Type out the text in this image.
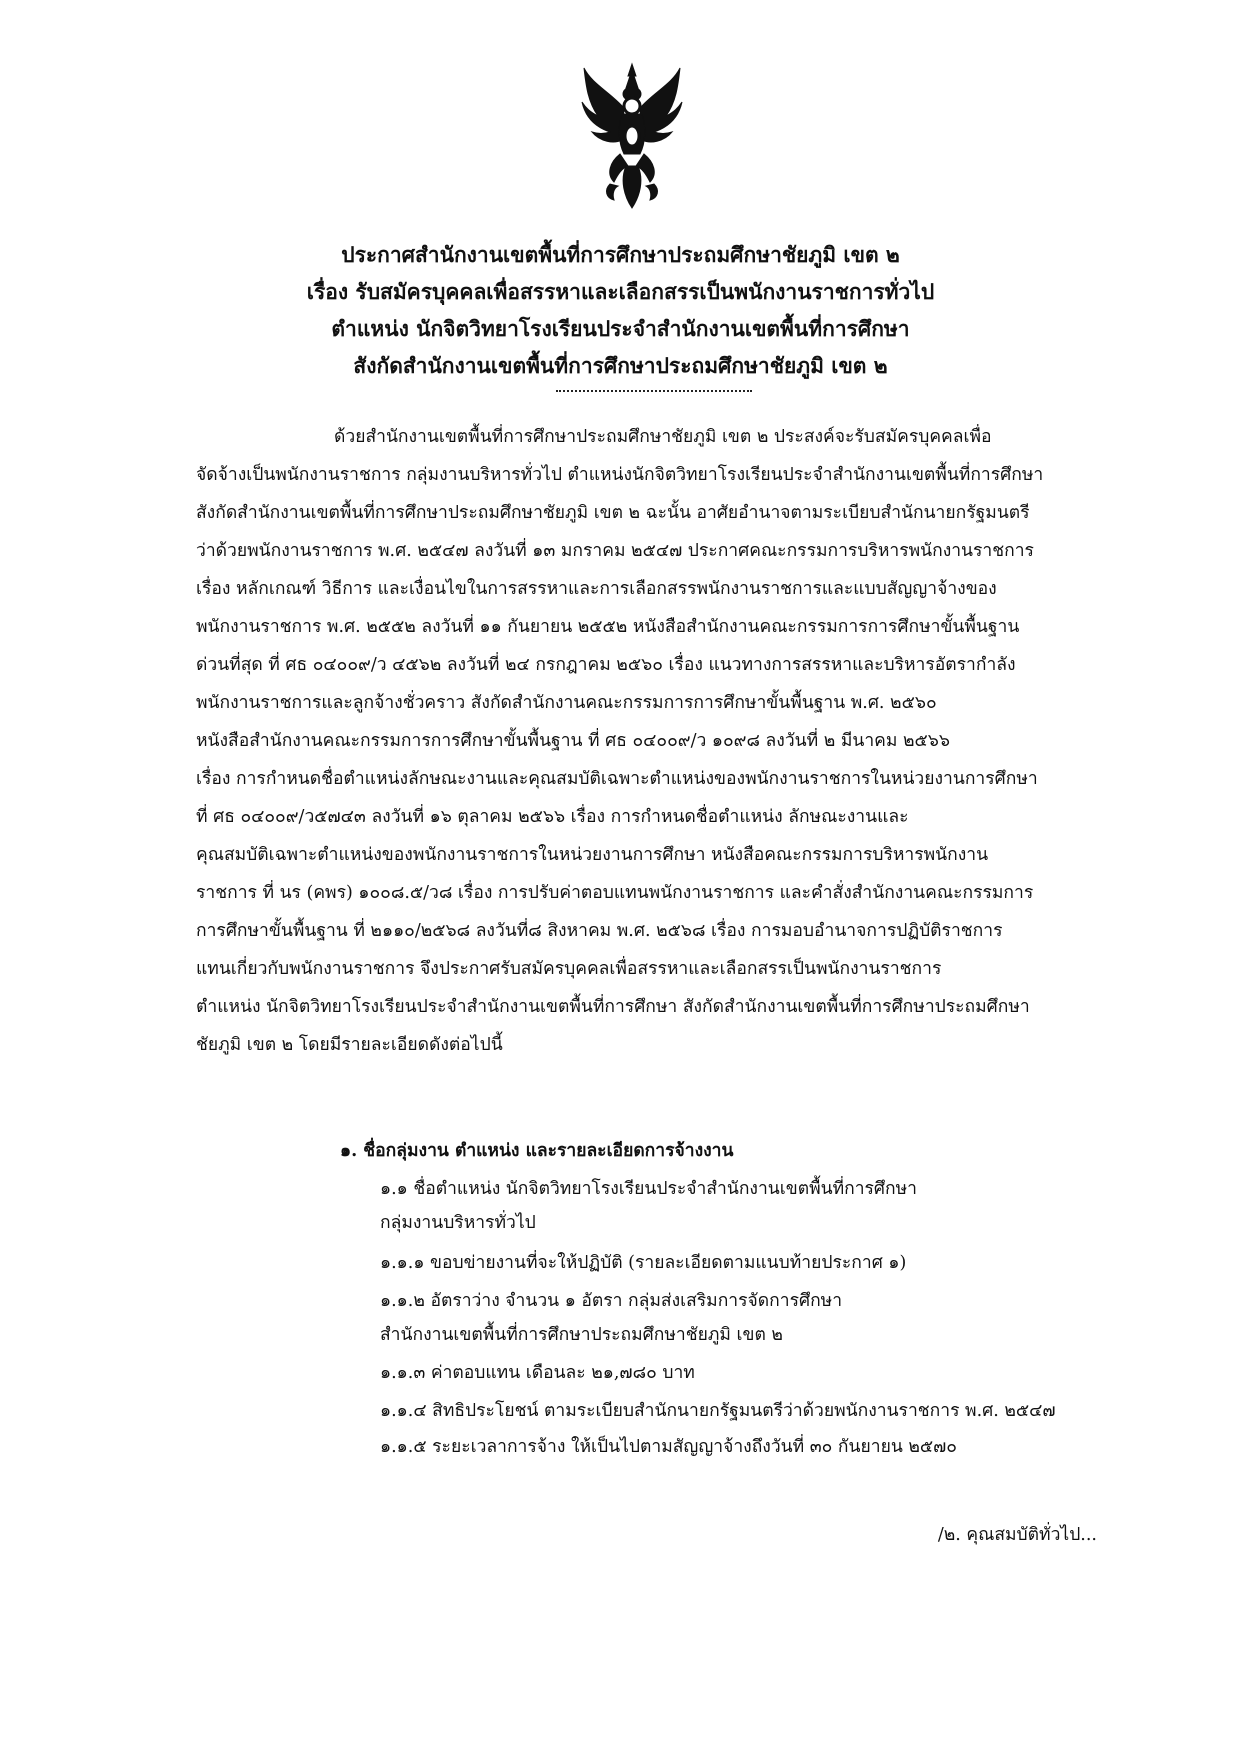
ประกาศสำนักงานเขตพื้นที่การศึกษาประถมศึกษาชัยภูมิ เขต ๒
เรื่อง รับสมัครบุคคลเพื่อสรรหาและเลือกสรรเป็นพนักงานราชการทั่วไป
ตำแหน่ง นักจิตวิทยาโรงเรียนประจำสำนักงานเขตพื้นที่การศึกษา
สังกัดสำนักงานเขตพื้นที่การศึกษาประถมศึกษาชัยภูมิ เขต ๒
ด้วยสำนักงานเขตพื้นที่การศึกษาประถมศึกษาชัยภูมิ เขต ๒ ประสงค์จะรับสมัครบุคคลเพื่อ
จัดจ้างเป็นพนักงานราชการ กลุ่มงานบริหารทั่วไป ตำแหน่งนักจิตวิทยาโรงเรียนประจำสำนักงานเขตพื้นที่การศึกษา
สังกัดสำนักงานเขตพื้นที่การศึกษาประถมศึกษาชัยภูมิ เขต ๒ ฉะนั้น อาศัยอำนาจตามระเบียบสำนักนายกรัฐมนตรี
ว่าด้วยพนักงานราชการ พ.ศ. ๒๕๔๗ ลงวันที่ ๑๓ มกราคม ๒๕๔๗ ประกาศคณะกรรมการบริหารพนักงานราชการ
เรื่อง หลักเกณฑ์ วิธีการ และเงื่อนไขในการสรรหาและการเลือกสรรพนักงานราชการและแบบสัญญาจ้างของ
พนักงานราชการ พ.ศ. ๒๕๕๒ ลงวันที่ ๑๑ กันยายน ๒๕๕๒ หนังสือสำนักงานคณะกรรมการการศึกษาขั้นพื้นฐาน
ด่วนที่สุด ที่ ศธ ๐๔๐๐๙/ว ๔๕๖๒ ลงวันที่ ๒๔ กรกฎาคม ๒๕๖๐ เรื่อง แนวทางการสรรหาและบริหารอัตรากำลัง
พนักงานราชการและลูกจ้างชั่วคราว สังกัดสำนักงานคณะกรรมการการศึกษาขั้นพื้นฐาน พ.ศ. ๒๕๖๐
หนังสือสำนักงานคณะกรรมการการศึกษาขั้นพื้นฐาน ที่ ศธ ๐๔๐๐๙/ว ๑๐๙๘ ลงวันที่ ๒ มีนาคม ๒๕๖๖
เรื่อง การกำหนดชื่อตำแหน่งลักษณะงานและคุณสมบัติเฉพาะตำแหน่งของพนักงานราชการในหน่วยงานการศึกษา
ที่ ศธ ๐๔๐๐๙/ว๕๗๔๓ ลงวันที่ ๑๖ ตุลาคม ๒๕๖๖ เรื่อง การกำหนดชื่อตำแหน่ง ลักษณะงานและ
คุณสมบัติเฉพาะตำแหน่งของพนักงานราชการในหน่วยงานการศึกษา หนังสือคณะกรรมการบริหารพนักงาน
ราชการ ที่ นร (คพร) ๑๐๐๘.๕/ว๘ เรื่อง การปรับค่าตอบแทนพนักงานราชการ และคำสั่งสำนักงานคณะกรรมการ
การศึกษาขั้นพื้นฐาน ที่ ๒๑๑๐/๒๕๖๘ ลงวันที่๘ สิงหาคม พ.ศ. ๒๕๖๘ เรื่อง การมอบอำนาจการปฏิบัติราชการ
แทนเกี่ยวกับพนักงานราชการ จึงประกาศรับสมัครบุคคลเพื่อสรรหาและเลือกสรรเป็นพนักงานราชการ
ตำแหน่ง นักจิตวิทยาโรงเรียนประจำสำนักงานเขตพื้นที่การศึกษา สังกัดสำนักงานเขตพื้นที่การศึกษาประถมศึกษา
ชัยภูมิ เขต ๒ โดยมีรายละเอียดดังต่อไปนี้
๑. ชื่อกลุ่มงาน ตำแหน่ง และรายละเอียดการจ้างงาน
๑.๑ ชื่อตำแหน่ง นักจิตวิทยาโรงเรียนประจำสำนักงานเขตพื้นที่การศึกษา
กลุ่มงานบริหารทั่วไป
๑.๑.๑ ขอบข่ายงานที่จะให้ปฏิบัติ (รายละเอียดตามแนบท้ายประกาศ ๑)
๑.๑.๒ อัตราว่าง จำนวน ๑ อัตรา กลุ่มส่งเสริมการจัดการศึกษา
สำนักงานเขตพื้นที่การศึกษาประถมศึกษาชัยภูมิ เขต ๒
๑.๑.๓ ค่าตอบแทน เดือนละ ๒๑,๗๘๐ บาท
๑.๑.๔ สิทธิประโยชน์ ตามระเบียบสำนักนายกรัฐมนตรีว่าด้วยพนักงานราชการ พ.ศ. ๒๕๔๗
๑.๑.๕ ระยะเวลาการจ้าง ให้เป็นไปตามสัญญาจ้างถึงวันที่ ๓๐ กันยายน ๒๕๗๐
/๒. คุณสมบัติทั่วไป...
